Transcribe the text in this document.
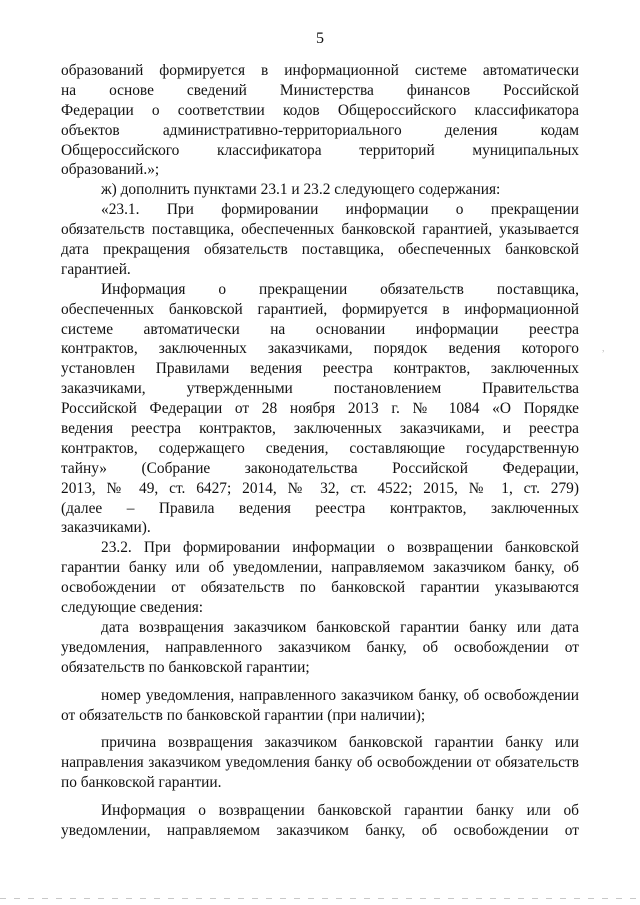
5
образований формируется в информационной системе автоматически
на основе сведений Министерства финансов Российской
Федерации о соответствии кодов Общероссийского классификатора
объектов административно-территориального деления кодам
Общероссийского классификатора территорий муниципальных
образований.»;
ж) дополнить пунктами 23.1 и 23.2 следующего содержания:
«23.1. При формировании информации о прекращении
обязательств поставщика, обеспеченных банковской гарантией, указывается
дата прекращения обязательств поставщика, обеспеченных банковской
гарантией.
Информация о прекращении обязательств поставщика,
обеспеченных банковской гарантией, формируется в информационной
системе автоматически на основании информации реестра
контрактов, заключенных заказчиками, порядок ведения которого
установлен Правилами ведения реестра контрактов, заключенных
заказчиками, утвержденными постановлением Правительства
Российской Федерации от 28 ноября 2013 г. № 1084 «О Порядке
ведения реестра контрактов, заключенных заказчиками, и реестра
контрактов, содержащего сведения, составляющие государственную
тайну» (Собрание законодательства Российской Федерации,
2013, № 49, ст. 6427; 2014, № 32, ст. 4522; 2015, № 1, ст. 279)
(далее – Правила ведения реестра контрактов, заключенных
заказчиками).
23.2. При формировании информации о возвращении банковской
гарантии банку или об уведомлении, направляемом заказчиком банку, об
освобождении от обязательств по банковской гарантии указываются
следующие сведения:
дата возвращения заказчиком банковской гарантии банку или дата
уведомления, направленного заказчиком банку, об освобождении от
обязательств по банковской гарантии;
номер уведомления, направленного заказчиком банку, об освобождении
от обязательств по банковской гарантии (при наличии);
причина возвращения заказчиком банковской гарантии банку или
направления заказчиком уведомления банку об освобождении от обязательств
по банковской гарантии.
Информация о возвращении банковской гарантии банку или об
уведомлении, направляемом заказчиком банку, об освобождении от
,
